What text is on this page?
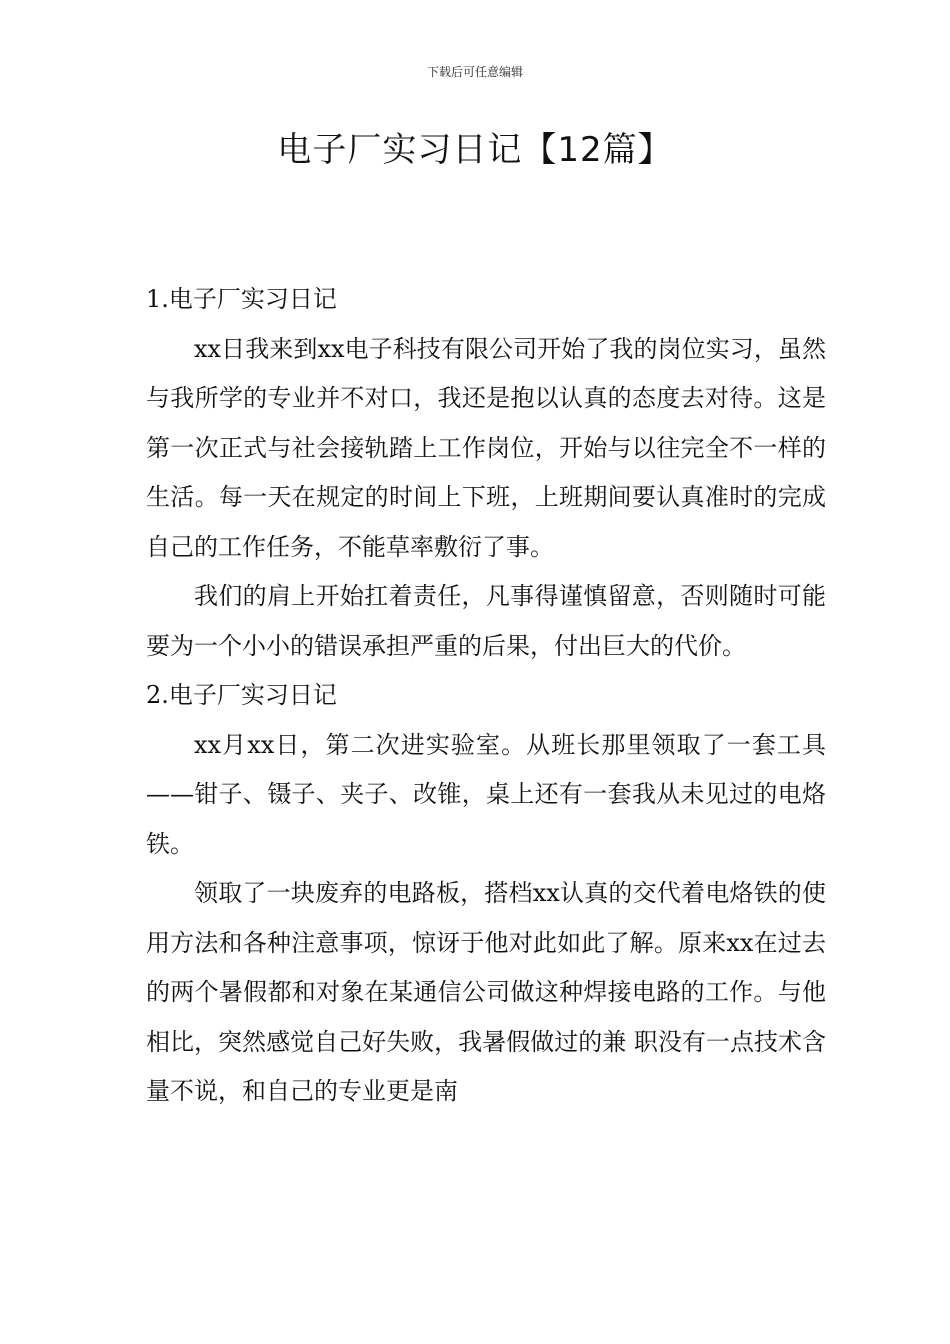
下载后可任意编辑
电子厂实习日记【12篇】

1.电子厂实习日记

xx日我来到xx电子科技有限公司开始了我的岗位实习，虽然与我所学的专业并不对口，我还是抱以认真的态度去对待。这是第一次正式与社会接轨踏上工作岗位，开始与以往完全不一样的生活。每一天在规定的时间上下班，上班期间要认真准时的完成自己的工作任务，不能草率敷衍了事。

我们的肩上开始扛着责任，凡事得谨慎留意，否则随时可能要为一个小小的错误承担严重的后果，付出巨大的代价。

2.电子厂实习日记

xx月xx日，第二次进实验室。从班长那里领取了一套工具——钳子、镊子、夹子、改锥，桌上还有一套我从未见过的电烙铁。

领取了一块废弃的电路板，搭档xx认真的交代着电烙铁的使用方法和各种注意事项，惊讶于他对此如此了解。原来xx在过去的两个暑假都和对象在某通信公司做这种焊接电路的工作。与他相比，突然感觉自己好失败，我暑假做过的兼 职没有一点技术含量不说，和自己的专业更是南
